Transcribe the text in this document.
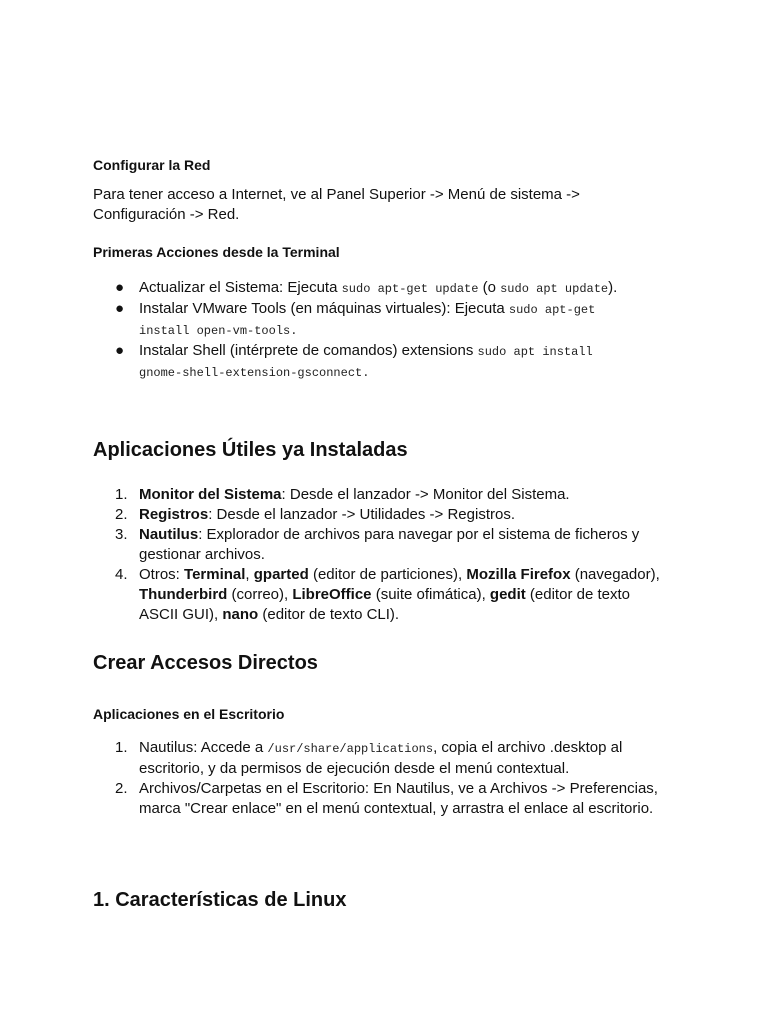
Configurar la Red
Para tener acceso a Internet, ve al Panel Superior -> Menú de sistema ->
Configuración -> Red.
Primeras Acciones desde la Terminal
● Actualizar el Sistema: Ejecuta sudo apt-get update (o sudo apt update).
● Instalar VMware Tools (en máquinas virtuales): Ejecuta sudo apt-get
install open-vm-tools.
● Instalar Shell (intérprete de comandos) extensions sudo apt install
gnome-shell-extension-gsconnect.
Aplicaciones Útiles ya Instaladas
1. Monitor del Sistema: Desde el lanzador -> Monitor del Sistema.
2. Registros: Desde el lanzador -> Utilidades -> Registros.
3. Nautilus: Explorador de archivos para navegar por el sistema de ficheros y
gestionar archivos.
4. Otros: Terminal, gparted (editor de particiones), Mozilla Firefox (navegador),
Thunderbird (correo), LibreOffice (suite ofimática), gedit (editor de texto
ASCII GUI), nano (editor de texto CLI).
Crear Accesos Directos
Aplicaciones en el Escritorio
1. Nautilus: Accede a /usr/share/applications, copia el archivo .desktop al
escritorio, y da permisos de ejecución desde el menú contextual.
2. Archivos/Carpetas en el Escritorio: En Nautilus, ve a Archivos -> Preferencias,
marca "Crear enlace" en el menú contextual, y arrastra el enlace al escritorio.
1. Características de Linux
